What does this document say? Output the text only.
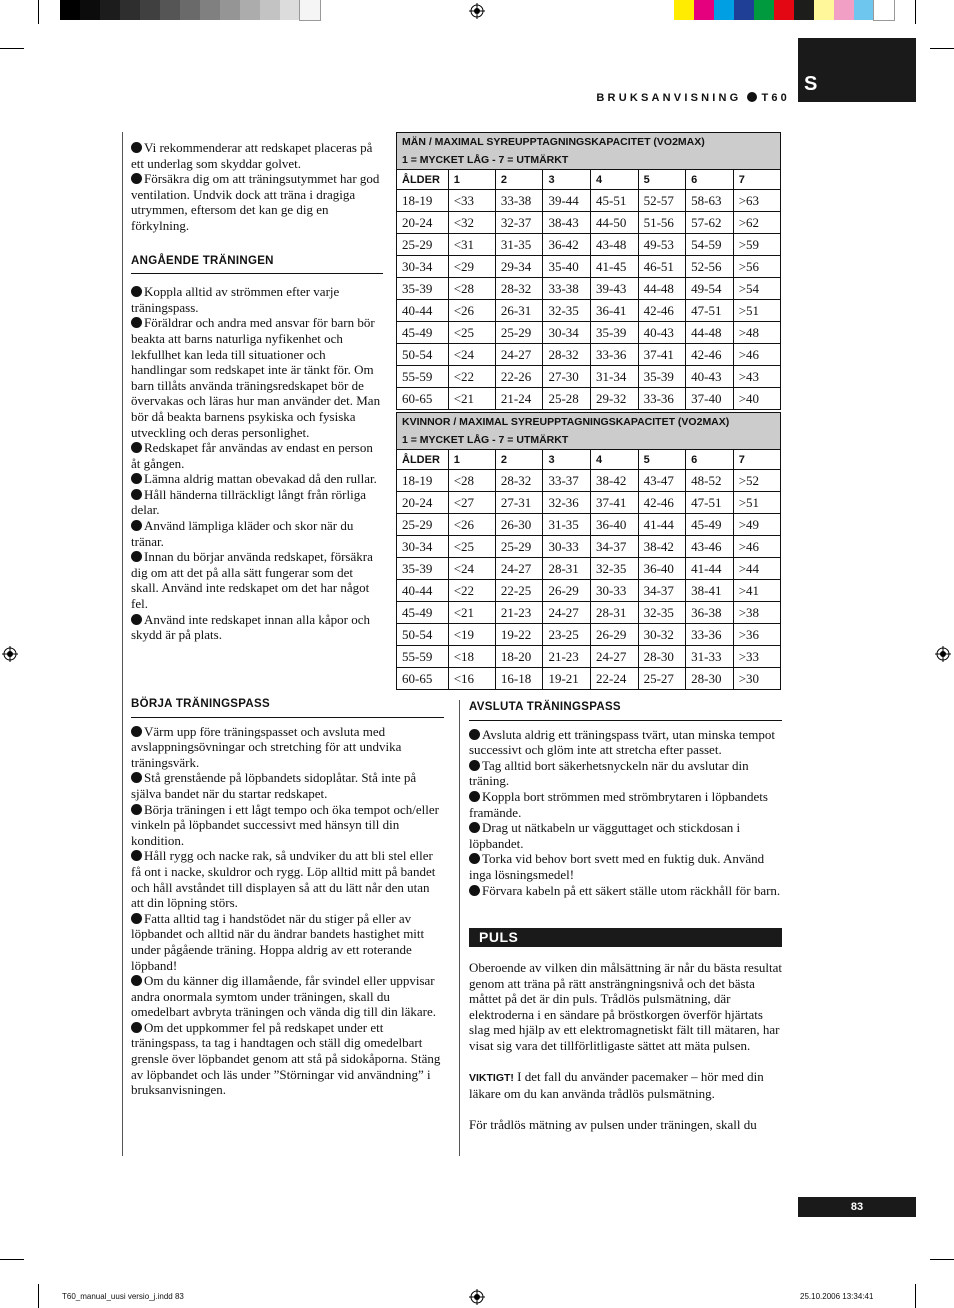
BRUKSANVISNING T60
S

Vi rekommenderar att redskapet placeras på ett underlag som skyddar golvet.

Försäkra dig om att träningsutymmet har god ventilation. Undvik dock att träna i dragiga utrymmen, eftersom det kan ge dig en förkylning.

ANGÅENDE TRÄNINGEN

Koppla alltid av strömmen efter varje träningspass.

Föräldrar och andra med ansvar för barn bör beakta att barns naturliga nyfikenhet och lekfullhet kan leda till situationer och handlingar som redskapet inte är tänkt för. Om barn tillåts använda träningsredskapet bör de övervakas och läras hur man använder det. Man bör då beakta barnens psykiska och fysiska utveckling och deras personlighet.

Redskapet får användas av endast en person åt gången.

Lämna aldrig mattan obevakad då den rullar.

Håll händerna tillräckligt långt från rörliga delar.

Använd lämpliga kläder och skor när du tränar.

Innan du börjar använda redskapet, försäkra dig om att det på alla sätt fungerar som det skall. Använd inte redskapet om det har något fel.

Använd inte redskapet innan alla kåpor och skydd är på plats.

BÖRJA TRÄNINGSPASS

Värm upp före träningspasset och avsluta med avslappningsövningar och stretching för att undvika träningsvärk.

Stå grenstående på löpbandets sidoplåtar. Stå inte på själva bandet när du startar redskapet.

Börja träningen i ett lågt tempo och öka tempot och/eller vinkeln på löpbandet successivt med hänsyn till din kondition.

Håll rygg och nacke rak, så undviker du att bli stel eller få ont i nacke, skuldror och rygg. Löp alltid mitt på bandet och håll avståndet till displayen så att du lätt når den utan att din löpning störs.

Fatta alltid tag i handstödet när du stiger på eller av löpbandet och alltid när du ändrar bandets hastighet mitt under pågående träning. Hoppa aldrig av ett roterande löpband!

Om du känner dig illamående, får svindel eller uppvisar andra onormala symtom under träningen, skall du omedelbart avbryta träningen och vända dig till din läkare.

Om det uppkommer fel på redskapet under ett träningspass, ta tag i handtagen och ställ dig omedelbart grensle över löpbandet genom att stå på sidokåporna. Stäng av löpbandet och läs under ”Störningar vid användning” i bruksanvisningen.

MÄN / MAXIMAL SYREUPPTAGNINGSKAPACITET (VO2MAX)							
1 = MYCKET LÅG - 7 = UTMÄRKT							
ÅLDER	1	2	3	4	5	6	7
18-19	<33	33-38	39-44	45-51	52-57	58-63	>63
20-24	<32	32-37	38-43	44-50	51-56	57-62	>62
25-29	<31	31-35	36-42	43-48	49-53	54-59	>59
30-34	<29	29-34	35-40	41-45	46-51	52-56	>56
35-39	<28	28-32	33-38	39-43	44-48	49-54	>54
40-44	<26	26-31	32-35	36-41	42-46	47-51	>51
45-49	<25	25-29	30-34	35-39	40-43	44-48	>48
50-54	<24	24-27	28-32	33-36	37-41	42-46	>46
55-59	<22	22-26	27-30	31-34	35-39	40-43	>43
60-65	<21	21-24	25-28	29-32	33-36	37-40	>40
KVINNOR / MAXIMAL SYREUPPTAGNINGSKAPACITET (VO2MAX)							
1 = MYCKET LÅG - 7 = UTMÄRKT							
ÅLDER	1	2	3	4	5	6	7
18-19	<28	28-32	33-37	38-42	43-47	48-52	>52
20-24	<27	27-31	32-36	37-41	42-46	47-51	>51
25-29	<26	26-30	31-35	36-40	41-44	45-49	>49
30-34	<25	25-29	30-33	34-37	38-42	43-46	>46
35-39	<24	24-27	28-31	32-35	36-40	41-44	>44
40-44	<22	22-25	26-29	30-33	34-37	38-41	>41
45-49	<21	21-23	24-27	28-31	32-35	36-38	>38
50-54	<19	19-22	23-25	26-29	30-32	33-36	>36
55-59	<18	18-20	21-23	24-27	28-30	31-33	>33
60-65	<16	16-18	19-21	22-24	25-27	28-30	>30
AVSLUTA TRÄNINGSPASS

Avsluta aldrig ett träningspass tvärt, utan minska tempot successivt och glöm inte att stretcha efter passet.

Tag alltid bort säkerhetsnyckeln när du avslutar din träning.

Koppla bort strömmen med strömbrytaren i löpbandets framände.

Drag ut nätkabeln ur vägguttaget och stickdosan i löpbandet.

Torka vid behov bort svett med en fuktig duk. Använd inga lösningsmedel!

Förvara kabeln på ett säkert ställe utom räckhåll för barn.

PULS

Oberoende av vilken din målsättning är når du bästa resultat genom att träna på rätt ansträngningsnivå och det bästa måttet på det är din puls. Trådlös pulsmätning, där elektroderna i en sändare på bröstkorgen överför hjärtats slag med hjälp av ett elektromagnetiskt fält till mätaren, har visat sig vara det tillförlitligaste sättet att mäta pulsen.

VIKTIGT! I det fall du använder pacemaker – hör med din läkare om du kan använda trådlös pulsmätning.

För trådlös mätning av pulsen under träningen, skall du

83
T60_manual_uusi versio_j.indd 83	25.10.2006 13:34:41
